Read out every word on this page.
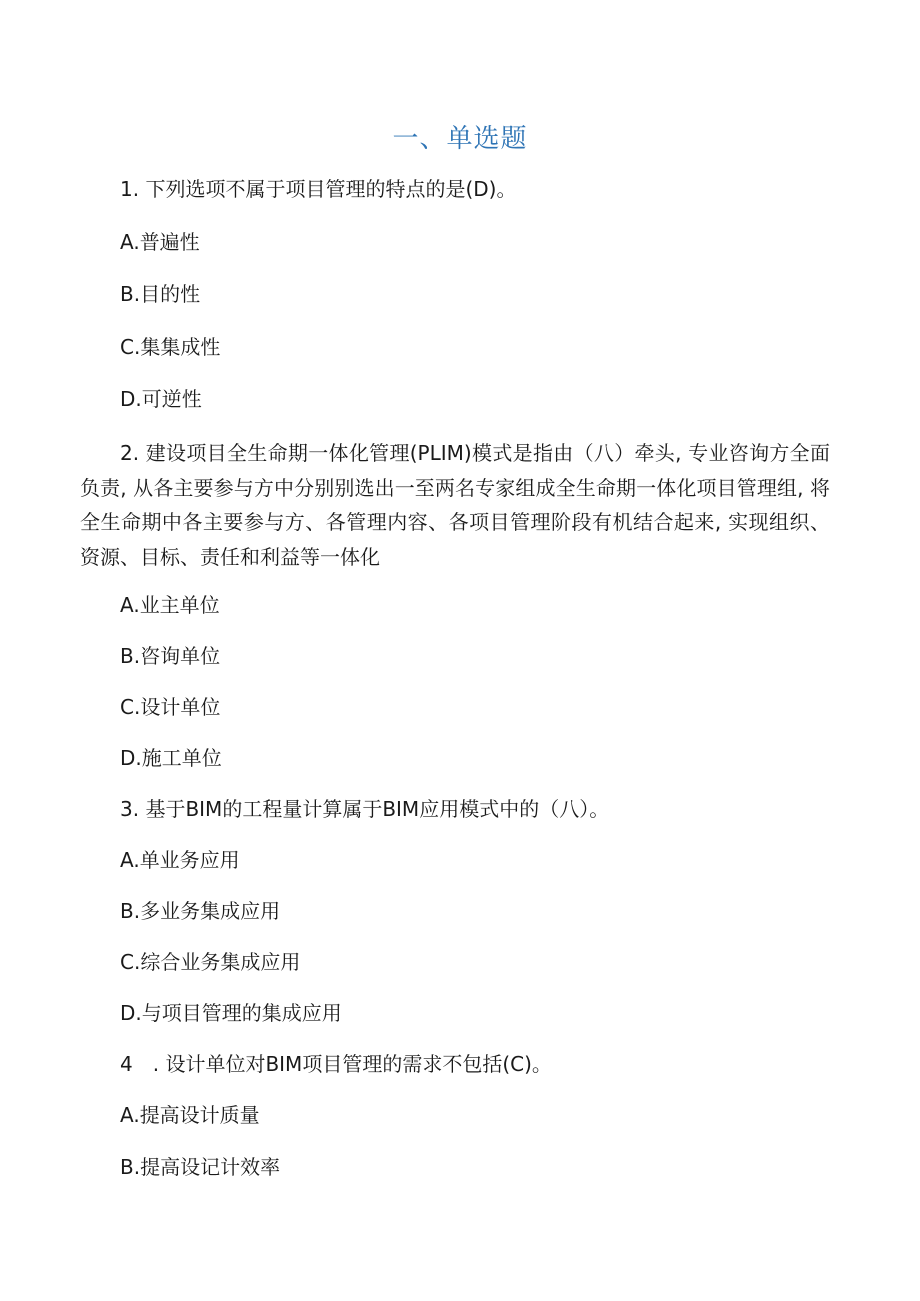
一、单选题
1. 下列选项不属于项目管理的特点的是(D)。
A.普遍性
B.目的性
C.集集成性
D.可逆性
2. 建设项目全生命期一体化管理(PLIM)模式是指由（八）牵头, 专业咨询方全面负责, 从各主要参与方中分别别选出一至两名专家组成全生命期一体化项目管理组, 将全生命期中各主要参与方、各管理内容、各项目管理阶段有机结合起来, 实现组织、资源、目标、责任和利益等一体化
A.业主单位
B.咨询单位
C.设计单位
D.施工单位
3. 基于BIM的工程量计算属于BIM应用模式中的（八）。
A.单业务应用
B.多业务集成应用
C.综合业务集成应用
D.与项目管理的集成应用
4　. 设计单位对BIM项目管理的需求不包括(C)。
A.提高设计质量
B.提高设记计效率
